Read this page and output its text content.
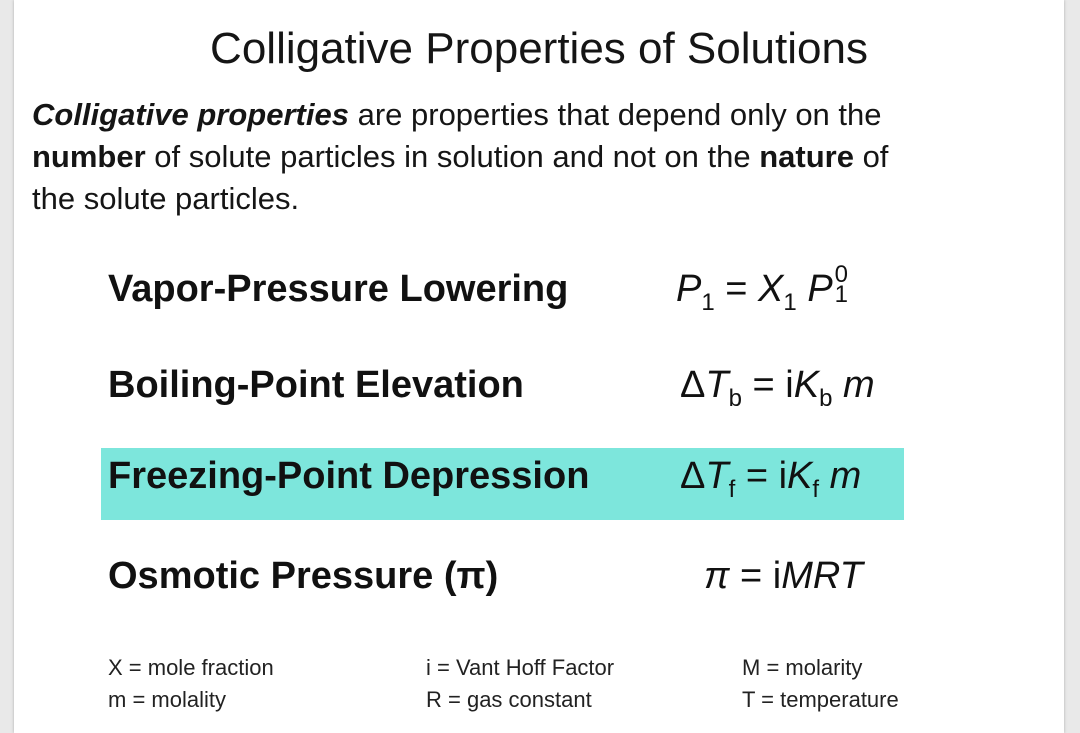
Colligative Properties of Solutions
Colligative properties are properties that depend only on the
number of solute particles in solution and not on the nature of
the solute particles.
Vapor-Pressure Lowering	$P_1 = X_1$ P 0
1
Boiling-Point Elevation	$\Delta T_b = iK_b$ m
Freezing-Point Depression $\Delta T_f = iK_f$ m
Osmotic Pressure (π)	π = iMRT
X = mole fraction
m = molality
i = Vant Hoff Factor
R = gas constant
M = molarity
T = temperature
